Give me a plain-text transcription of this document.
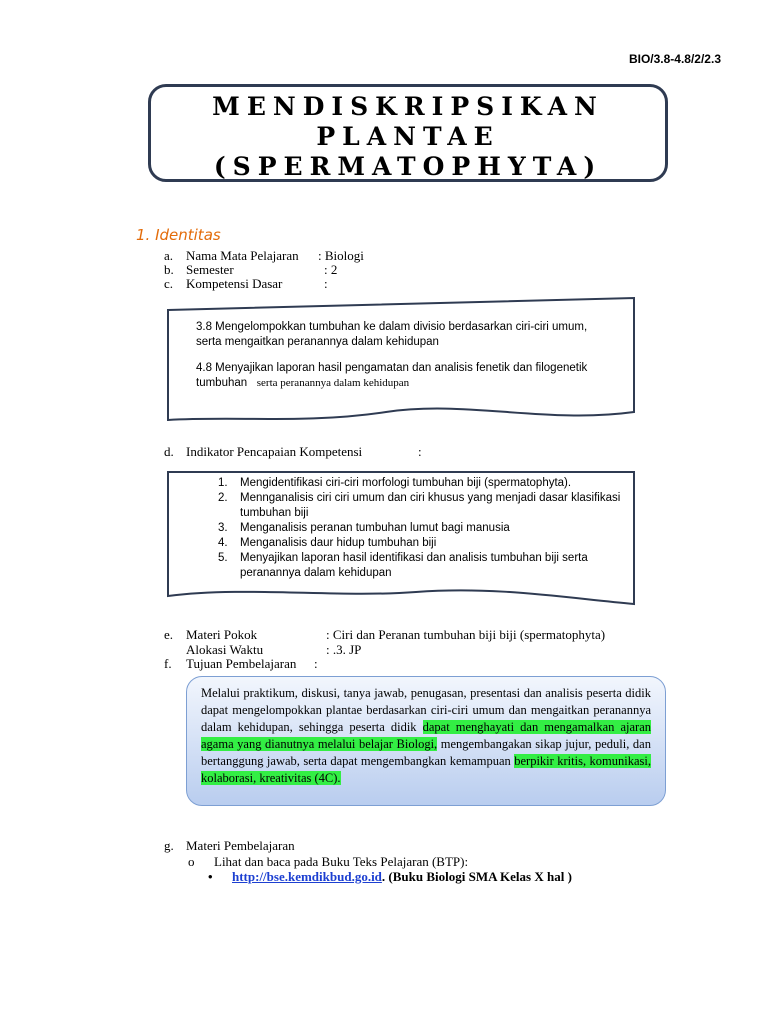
BIO/3.8-4.8/2/2.3
MENDISKRIPSIKAN
PLANTAE
(SPERMATOPHYTA)
1. Identitas
a. Nama Mata Pelajaran : Biologi
b. Semester	: 2
c. Kompetensi Dasar	:
3.8 Mengelompokkan tumbuhan ke dalam divisio berdasarkan ciri-ciri umum,
serta mengaitkan peranannya dalam kehidupan
4.8 Menyajikan laporan hasil pengamatan dan analisis fenetik dan filogenetik
tumbuhan serta peranannya dalam kehidupan
d. Indikator Pencapaian Kompetensi	:
1. Mengidentifikasi ciri-ciri morfologi tumbuhan biji (spermatophyta).
2. Mennganalisis ciri ciri umum dan ciri khusus yang menjadi dasar klasifikasi tumbuhan biji
3. Menganalisis peranan tumbuhan lumut bagi manusia
4. Menganalisis daur hidup tumbuhan biji
5. Menyajikan laporan hasil identifikasi dan analisis tumbuhan biji serta peranannya dalam kehidupan
e. Materi Pokok	: Ciri dan Peranan tumbuhan biji biji (spermatophyta)
Alokasi Waktu	: .3. JP
f. Tujuan Pembelajaran :
Melalui praktikum, diskusi, tanya jawab, penugasan, presentasi dan analisis peserta didik dapat mengelompokkan plantae berdasarkan ciri-ciri umum dan mengaitkan peranannya dalam kehidupan, sehingga peserta didik dapat menghayati dan mengamalkan ajaran agama yang dianutnya melalui belajar Biologi, mengembangakan sikap jujur, peduli, dan bertanggung jawab, serta dapat mengembangkan kemampuan berpikir kritis, komunikasi, kolaborasi, kreativitas (4C).
g. Materi Pembelajaran
o Lihat dan baca pada Buku Teks Pelajaran (BTP):
• http://bse.kemdikbud.go.id. (Buku Biologi SMA Kelas X hal )
